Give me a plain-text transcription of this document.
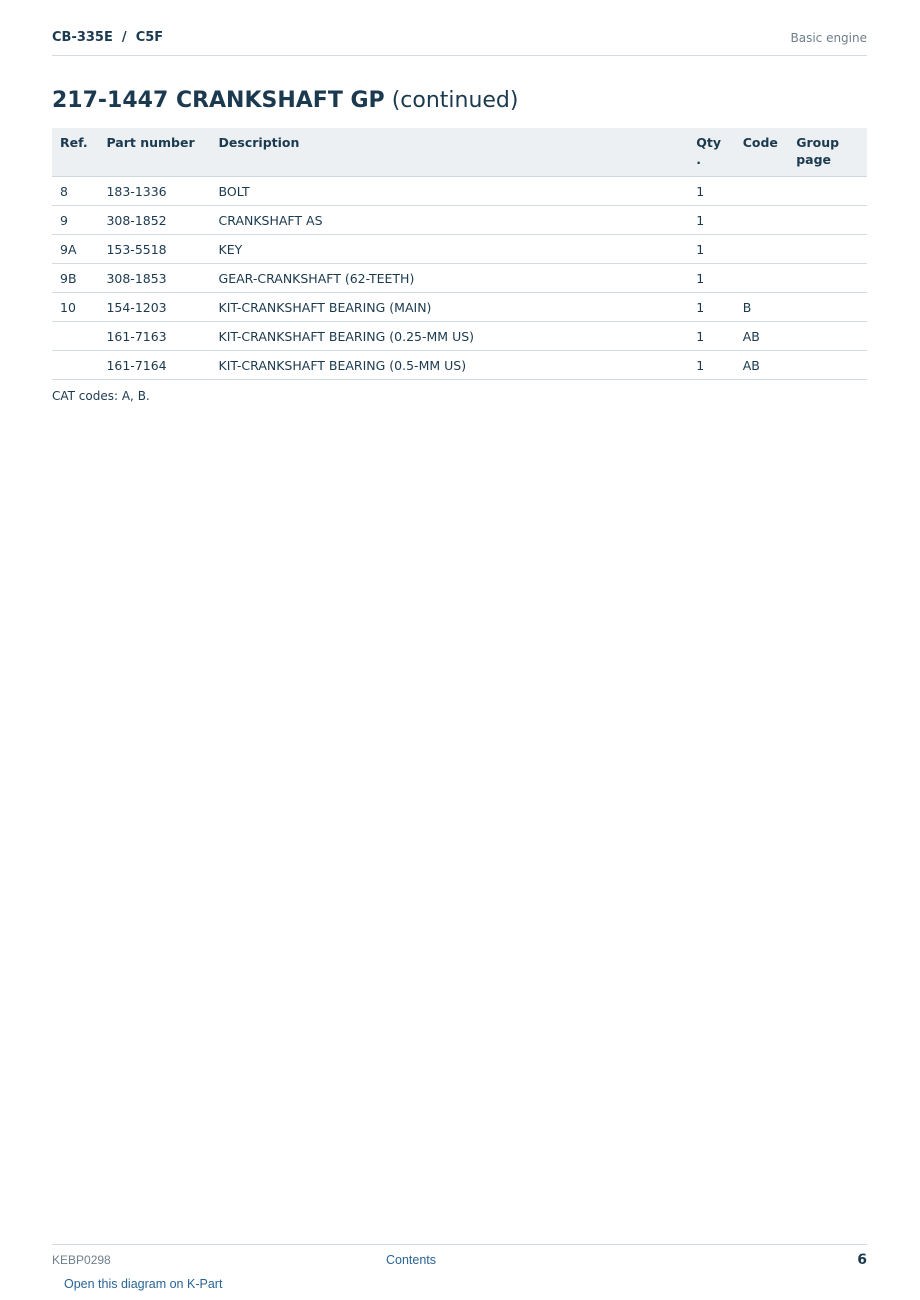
CB-335E  /  C5F	Basic engine
217-1447 CRANKSHAFT GP (continued)
Ref.	Part number	Description	Qty .	Code	Group page
8	183-1336	BOLT	1		
9	308-1852	CRANKSHAFT AS	1		
9A	153-5518	KEY	1		
9B	308-1853	GEAR-CRANKSHAFT (62-TEETH)	1		
10	154-1203	KIT-CRANKSHAFT BEARING (MAIN)	1	B	
	161-7163	KIT-CRANKSHAFT BEARING (0.25-MM US)	1	AB	
	161-7164	KIT-CRANKSHAFT BEARING (0.5-MM US)	1	AB	
CAT codes: A, B.
KEBP0298	Contents	6
Open this diagram on K-Part
